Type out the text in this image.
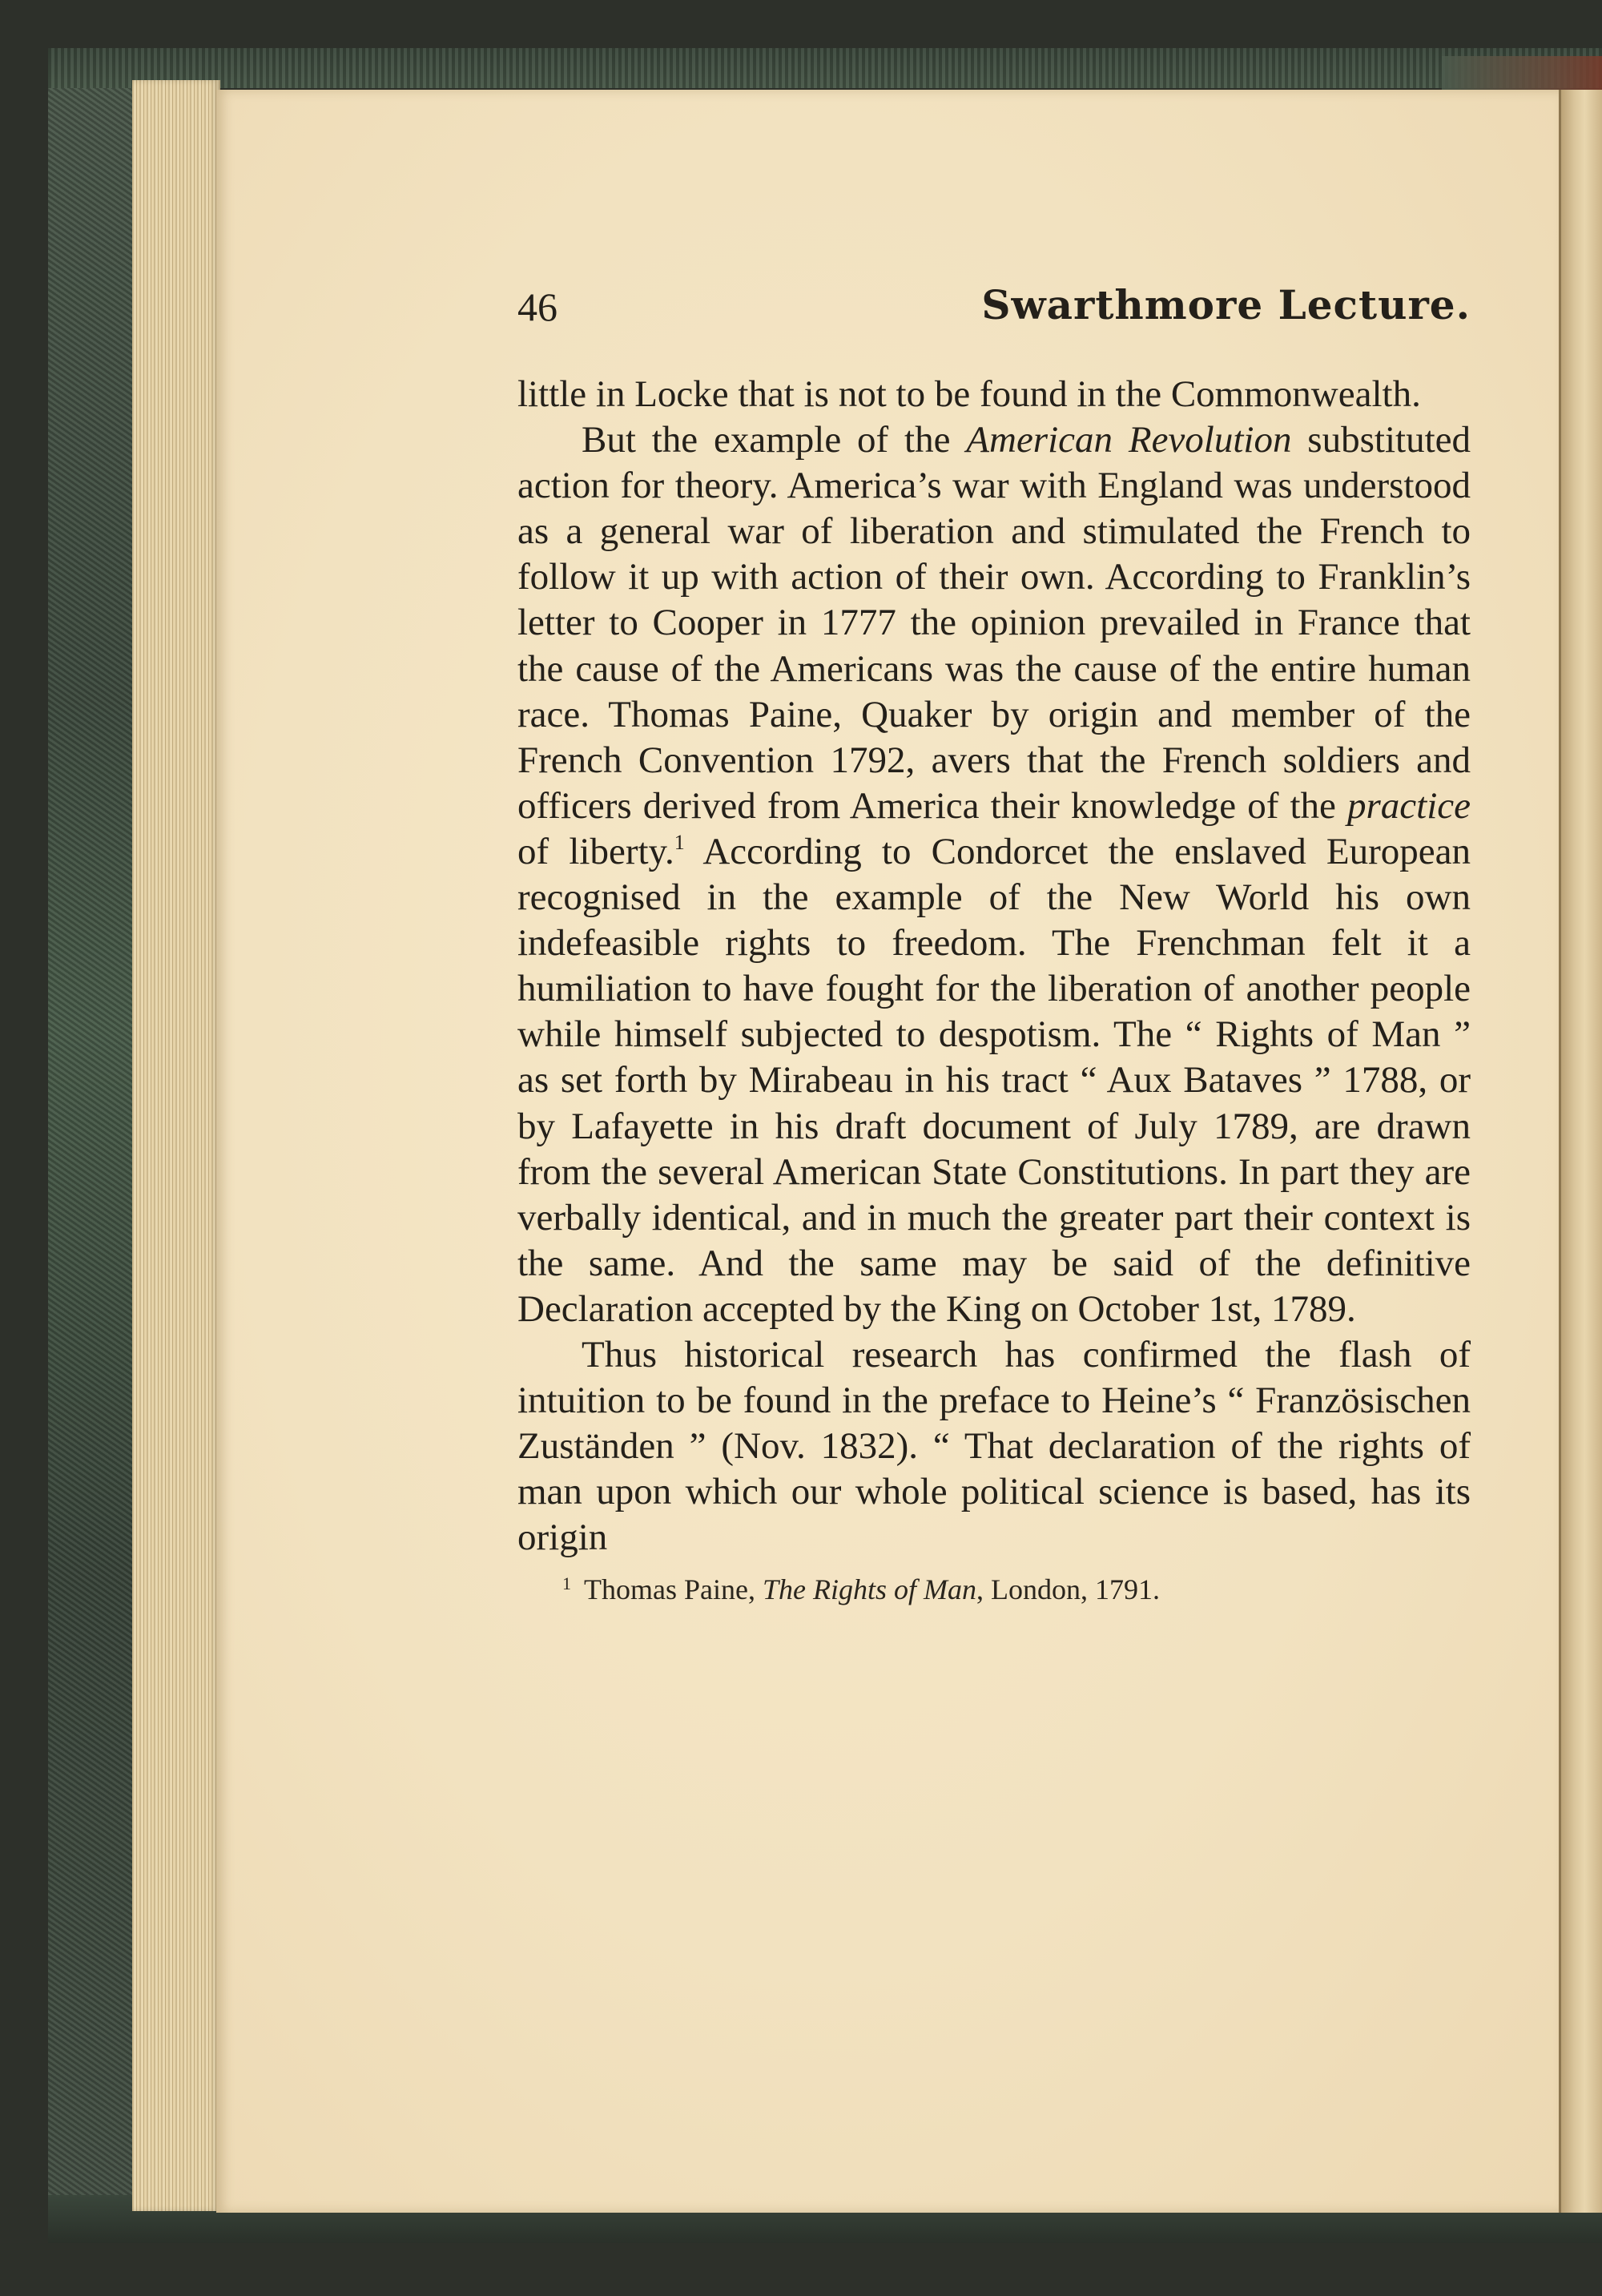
46	Swarthmore Lecture.

little in Locke that is not to be found in the Commonwealth.

But the example of the American Revolution substituted action for theory. America’s war with England was understood as a general war of liberation and stimulated the French to follow it up with action of their own. According to Franklin’s letter to Cooper in 1777 the opinion prevailed in France that the cause of the Americans was the cause of the entire human race. Thomas Paine, Quaker by origin and member of the French Convention 1792, avers that the French soldiers and officers derived from America their knowledge of the practice of liberty.$^1$ According to Condorcet the enslaved European recognised in the example of the New World his own indefeasible rights to freedom. The Frenchman felt it a humiliation to have fought for the liberation of another people while himself subjected to despotism. The “ Rights of Man ” as set forth by Mirabeau in his tract “ Aux Bataves ” 1788, or by Lafayette in his draft document of July 1789, are drawn from the several American State Constitutions. In part they are verbally identical, and in much the greater part their context is the same. And the same may be said of the definitive Declaration accepted by the King on October 1st, 1789.

Thus historical research has confirmed the flash of intuition to be found in the preface to Heine’s “ Französischen Zuständen ” (Nov. 1832). “ That declaration of the rights of man upon which our whole political science is based, has its origin

$^1$ Thomas Paine, The Rights of Man, London, 1791.
